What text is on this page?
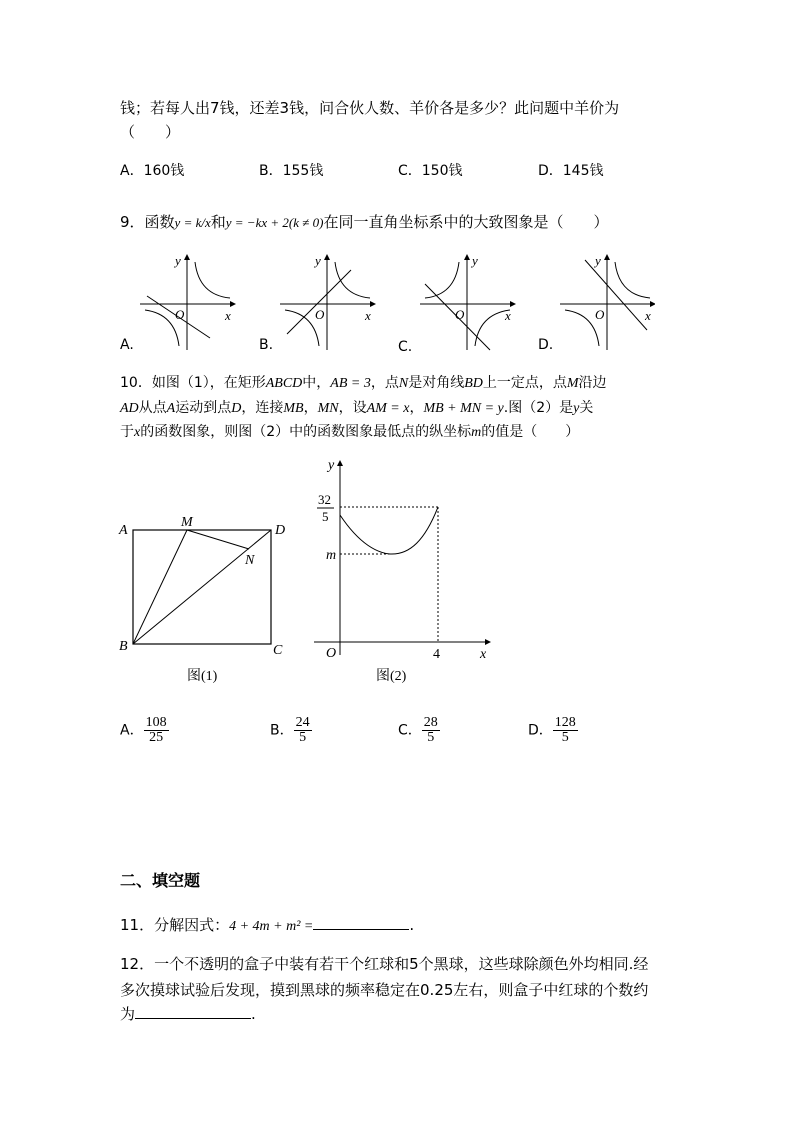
钱；若每人出7钱，还差3钱，问合伙人数、羊价各是多少？此问题中羊价为
（　　）
A．160钱	B．155钱	C．150钱	D．145钱
9．函数y = k/x和y = −kx + 2(k ≠ 0)在同一直角坐标系中的大致图象是（　　）
y
x
O
y
x
O
y
x
O
y
x
O
A.	B.	C.	D.
10．如图（1），在矩形ABCD中，AB = 3，点N是对角线BD上一定点，点M沿边
AD从点A运动到点D，连接MB，MN，设AM = x，MB + MN = y.图（2）是y关
于x的函数图象，则图（2）中的函数图象最低点的纵坐标m的值是（　　）
A
M
D
N
B	C
图(1)
y
x
O
m
4
32
5
图(2)
A． $\frac{108}{25}$	B． $\frac{24}{5}$	C． $\frac{28}{5}$	D． $\frac{128}{5}$
二、填空题
11．分解因式：4 + 4m + m² =	.
12．一个不透明的盒子中装有若干个红球和5个黑球，这些球除颜色外均相同.经
多次摸球试验后发现，摸到黑球的频率稳定在0.25左右，则盒子中红球的个数约
为	.
